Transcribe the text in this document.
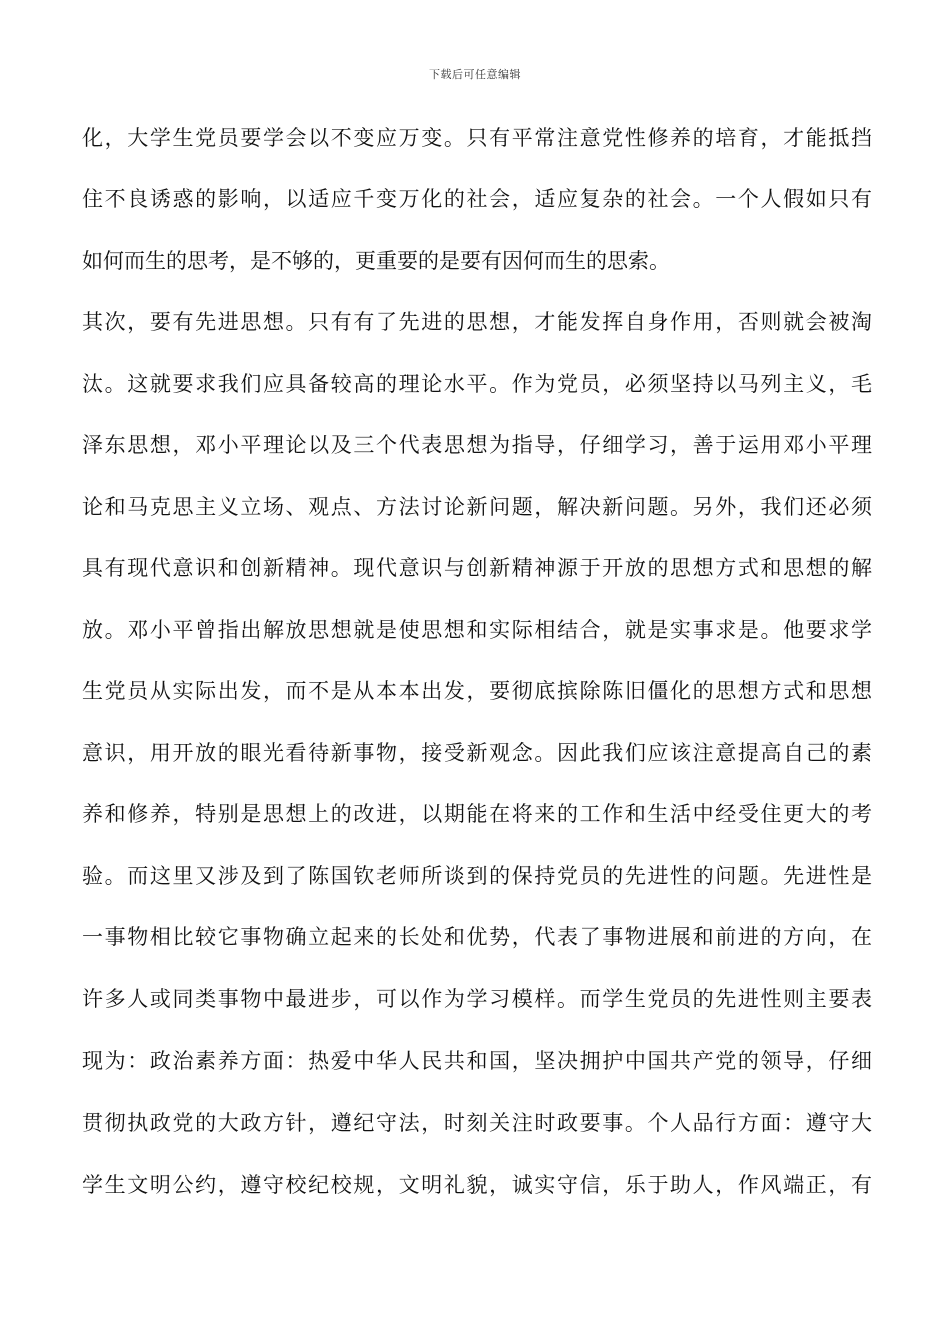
下载后可任意编辑
化，大学生党员要学会以不变应万变。只有平常注意党性修养的培育，才能抵挡
住不良诱惑的影响，以适应千变万化的社会，适应复杂的社会。一个人假如只有
如何而生的思考，是不够的，更重要的是要有因何而生的思索。
其次，要有先进思想。只有有了先进的思想，才能发挥自身作用，否则就会被淘
汰。这就要求我们应具备较高的理论水平。作为党员，必须坚持以马列主义，毛
泽东思想，邓小平理论以及三个代表思想为指导，仔细学习，善于运用邓小平理
论和马克思主义立场、观点、方法讨论新问题，解决新问题。另外，我们还必须
具有现代意识和创新精神。现代意识与创新精神源于开放的思想方式和思想的解
放。邓小平曾指出解放思想就是使思想和实际相结合，就是实事求是。他要求学
生党员从实际出发，而不是从本本出发，要彻底摈除陈旧僵化的思想方式和思想
意识，用开放的眼光看待新事物，接受新观念。因此我们应该注意提高自己的素
养和修养，特别是思想上的改进，以期能在将来的工作和生活中经受住更大的考
验。而这里又涉及到了陈国钦老师所谈到的保持党员的先进性的问题。先进性是
一事物相比较它事物确立起来的长处和优势，代表了事物进展和前进的方向，在
许多人或同类事物中最进步，可以作为学习模样。而学生党员的先进性则主要表
现为：政治素养方面：热爱中华人民共和国，坚决拥护中国共产党的领导，仔细
贯彻执政党的大政方针，遵纪守法，时刻关注时政要事。个人品行方面：遵守大
学生文明公约，遵守校纪校规，文明礼貌，诚实守信，乐于助人，作风端正，有
